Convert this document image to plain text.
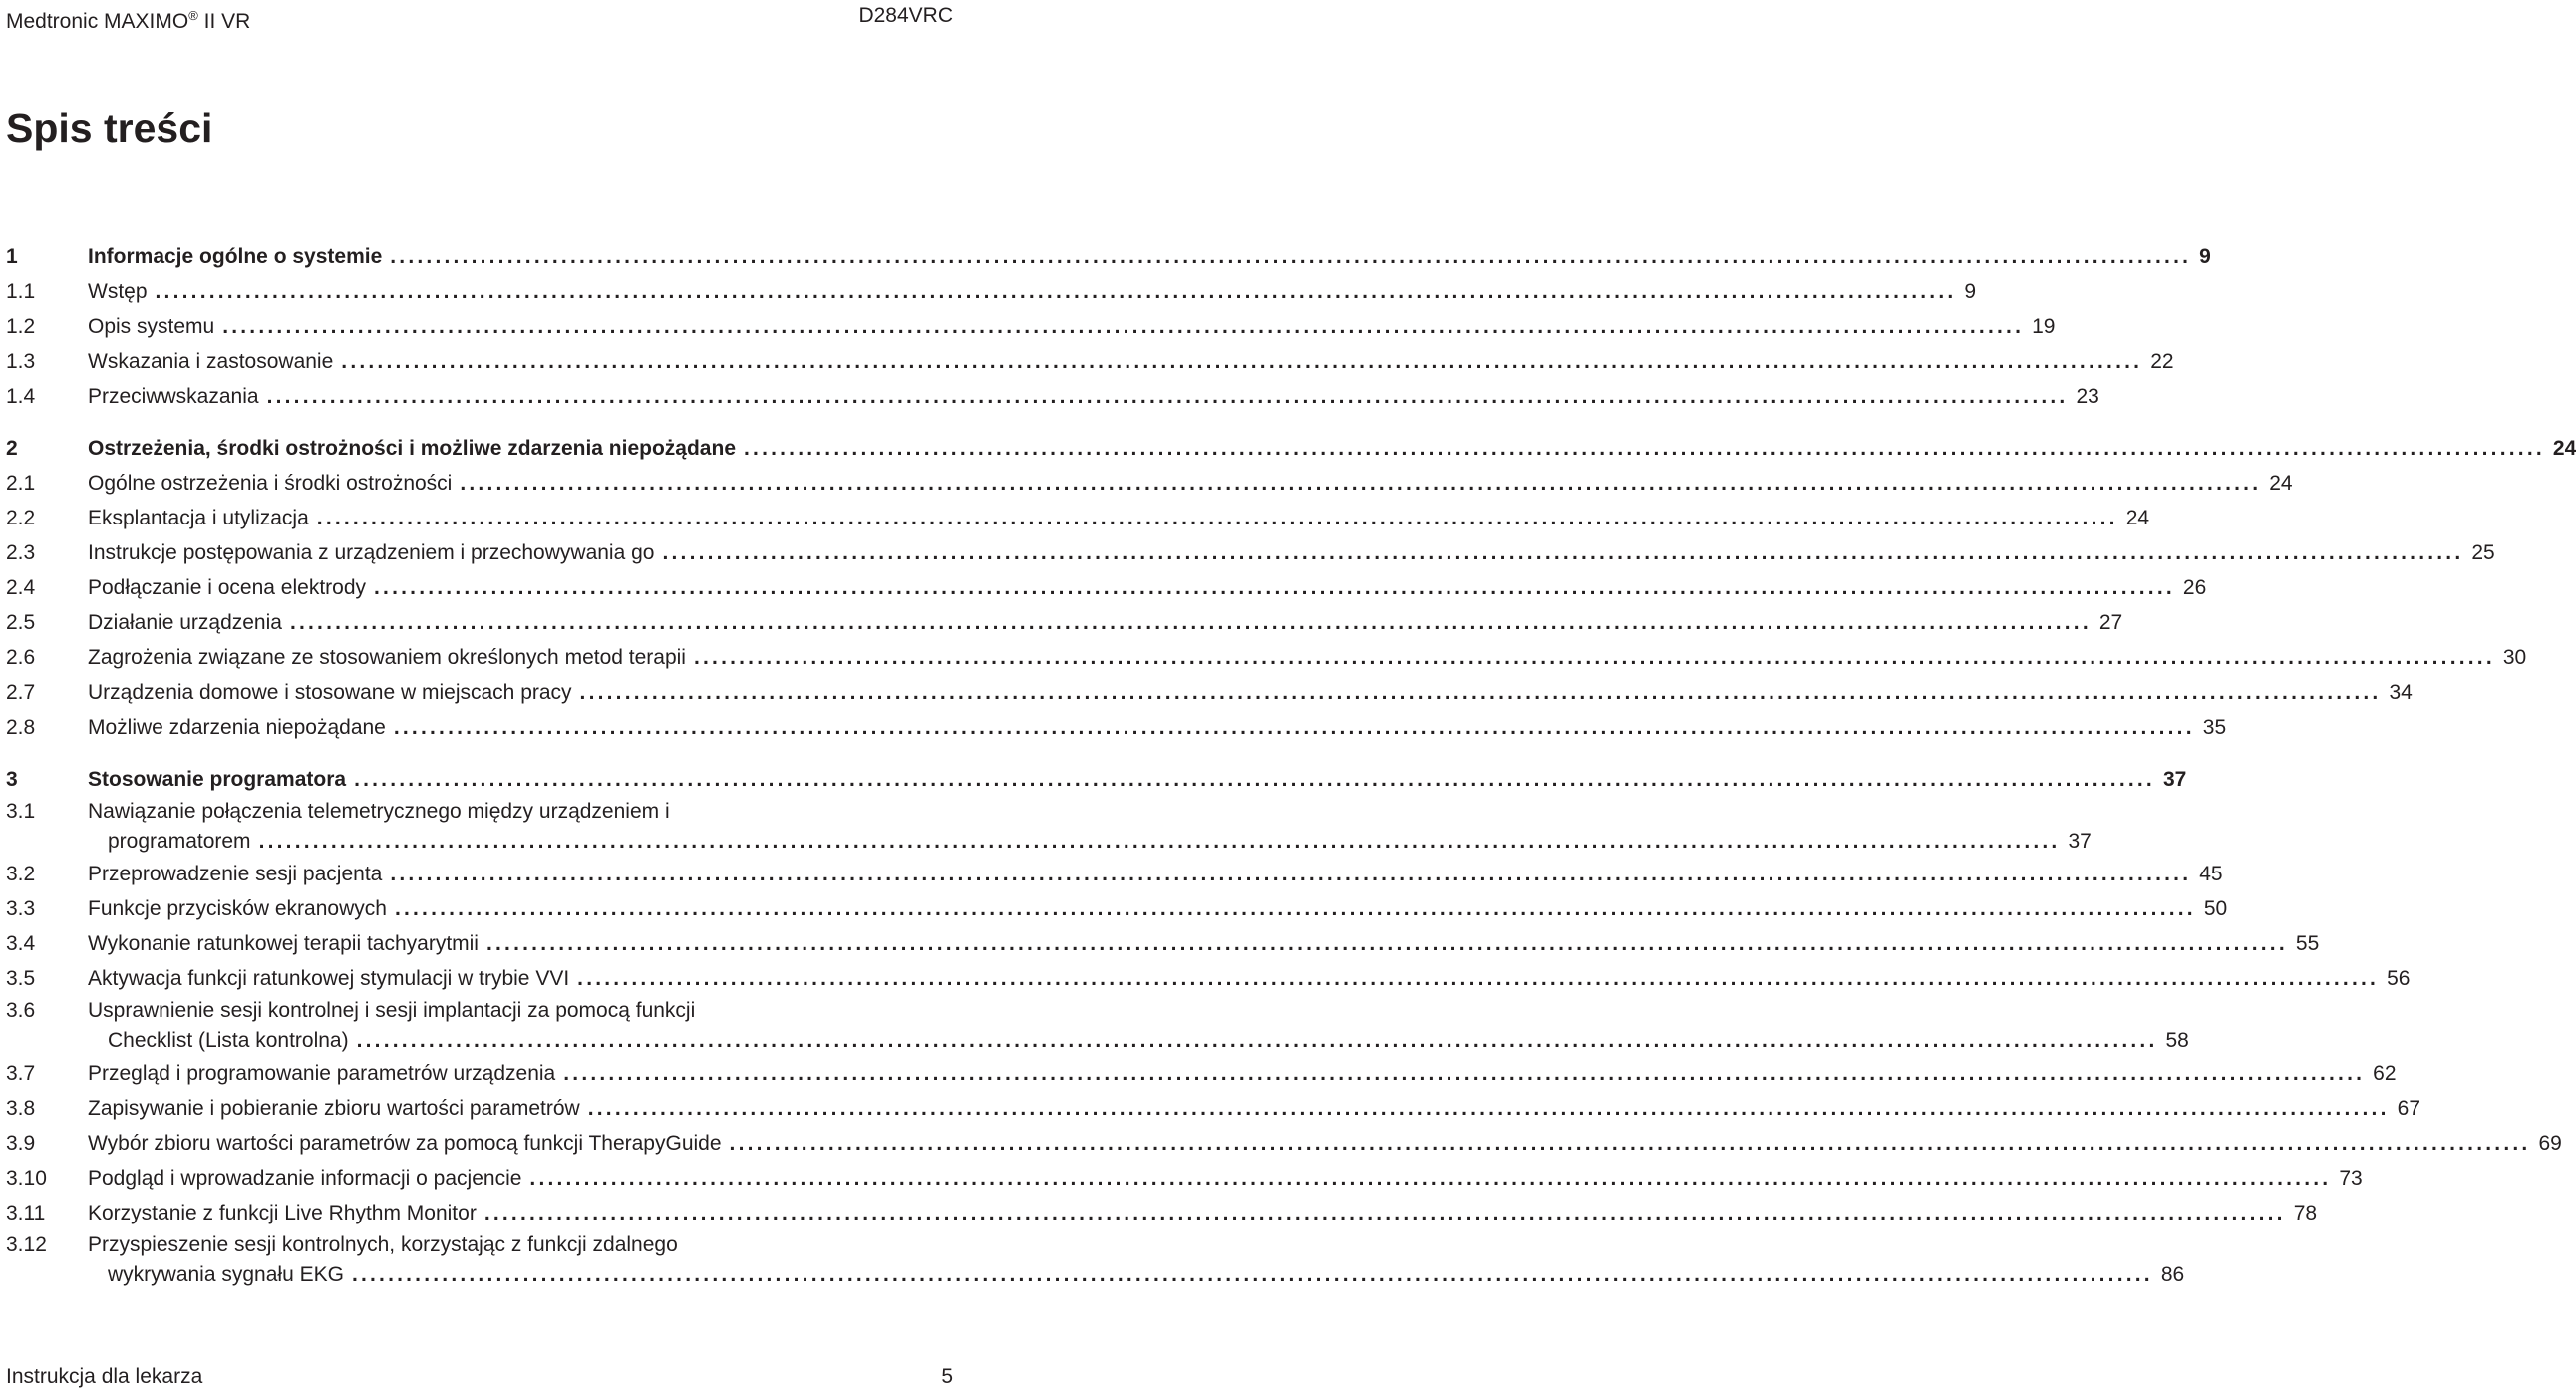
Medtronic MAXIMO® II VR	D284VRC
Spis treści
1	Informacje ogólne o systemie ........................................................................................................................................................................................................ 9
1.1	Wstęp ........................................................................................................................................................................................................ 9
1.2	Opis systemu ........................................................................................................................................................................................................ 19
1.3	Wskazania i zastosowanie ........................................................................................................................................................................................................ 22
1.4	Przeciwwskazania ........................................................................................................................................................................................................ 23
2	Ostrzeżenia, środki ostrożności i możliwe zdarzenia niepożądane ........................................................................................................................................................................................................ 24
2.1	Ogólne ostrzeżenia i środki ostrożności ........................................................................................................................................................................................................ 24
2.2	Eksplantacja i utylizacja ........................................................................................................................................................................................................ 24
2.3	Instrukcje postępowania z urządzeniem i przechowywania go ........................................................................................................................................................................................................ 25
2.4	Podłączanie i ocena elektrody ........................................................................................................................................................................................................ 26
2.5	Działanie urządzenia ........................................................................................................................................................................................................ 27
2.6	Zagrożenia związane ze stosowaniem określonych metod terapii ........................................................................................................................................................................................................ 30
2.7	Urządzenia domowe i stosowane w miejscach pracy ........................................................................................................................................................................................................ 34
2.8	Możliwe zdarzenia niepożądane ........................................................................................................................................................................................................ 35
3	Stosowanie programatora ........................................................................................................................................................................................................ 37
3.1	Nawiązanie połączenia telemetrycznego między urządzeniem i
programatorem ........................................................................................................................................................................................................ 37
3.2	Przeprowadzenie sesji pacjenta ........................................................................................................................................................................................................ 45
3.3	Funkcje przycisków ekranowych ........................................................................................................................................................................................................ 50
3.4	Wykonanie ratunkowej terapii tachyarytmii ........................................................................................................................................................................................................ 55
3.5	Aktywacja funkcji ratunkowej stymulacji w trybie VVI ........................................................................................................................................................................................................ 56
3.6	Usprawnienie sesji kontrolnej i sesji implantacji za pomocą funkcji
Checklist (Lista kontrolna) ........................................................................................................................................................................................................ 58
3.7	Przegląd i programowanie parametrów urządzenia ........................................................................................................................................................................................................ 62
3.8	Zapisywanie i pobieranie zbioru wartości parametrów ........................................................................................................................................................................................................ 67
3.9	Wybór zbioru wartości parametrów za pomocą funkcji TherapyGuide ........................................................................................................................................................................................................ 69
3.10 Podgląd i wprowadzanie informacji o pacjencie ........................................................................................................................................................................................................ 73
3.11 Korzystanie z funkcji Live Rhythm Monitor ........................................................................................................................................................................................................ 78
3.12 Przyspieszenie sesji kontrolnych, korzystając z funkcji zdalnego
wykrywania sygnału EKG ........................................................................................................................................................................................................ 86
Instrukcja dla lekarza	5
